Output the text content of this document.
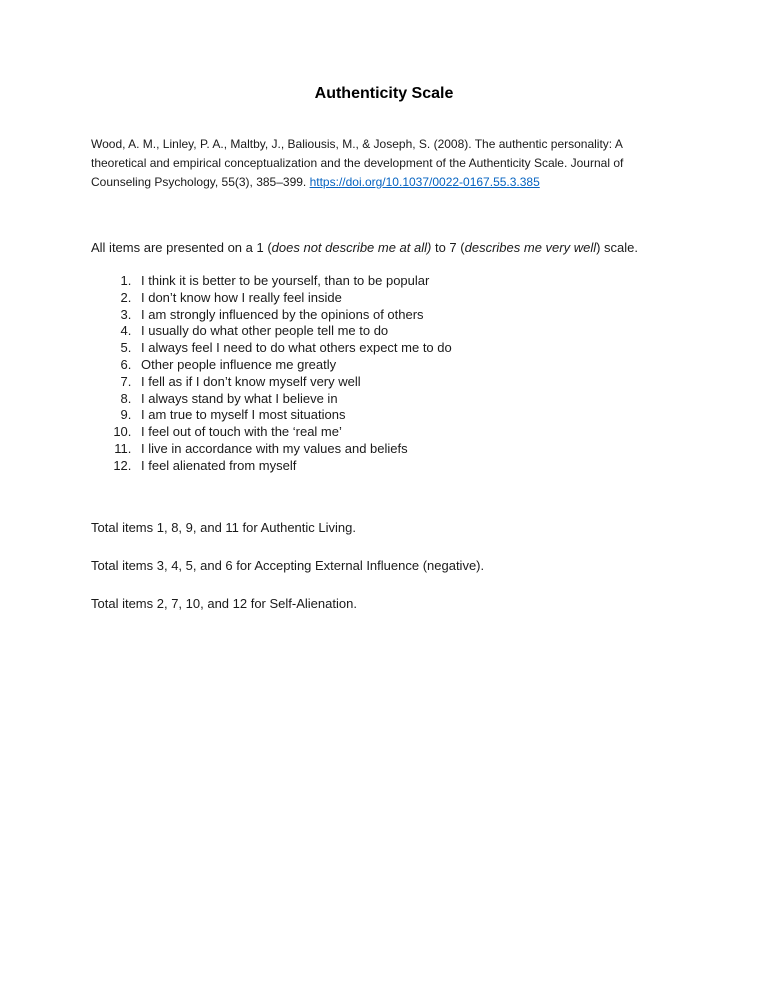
Authenticity Scale

Wood, A. M., Linley, P. A., Maltby, J., Baliousis, M., & Joseph, S. (2008). The authentic personality: A theoretical and empirical conceptualization and the development of the Authenticity Scale. Journal of Counseling Psychology, 55(3), 385–399. https://doi.org/10.1037/0022-0167.55.3.385

All items are presented on a 1 (does not describe me at all) to 7 (describes me very well) scale.

1. I think it is better to be yourself, than to be popular
2. I don’t know how I really feel inside
3. I am strongly influenced by the opinions of others
4. I usually do what other people tell me to do
5. I always feel I need to do what others expect me to do
6. Other people influence me greatly
7. I fell as if I don’t know myself very well
8. I always stand by what I believe in
9. I am true to myself I most situations
10. I feel out of touch with the ‘real me’
11. I live in accordance with my values and beliefs
12. I feel alienated from myself

Total items 1, 8, 9, and 11 for Authentic Living.

Total items 3, 4, 5, and 6 for Accepting External Influence (negative).

Total items 2, 7, 10, and 12 for Self-Alienation.
